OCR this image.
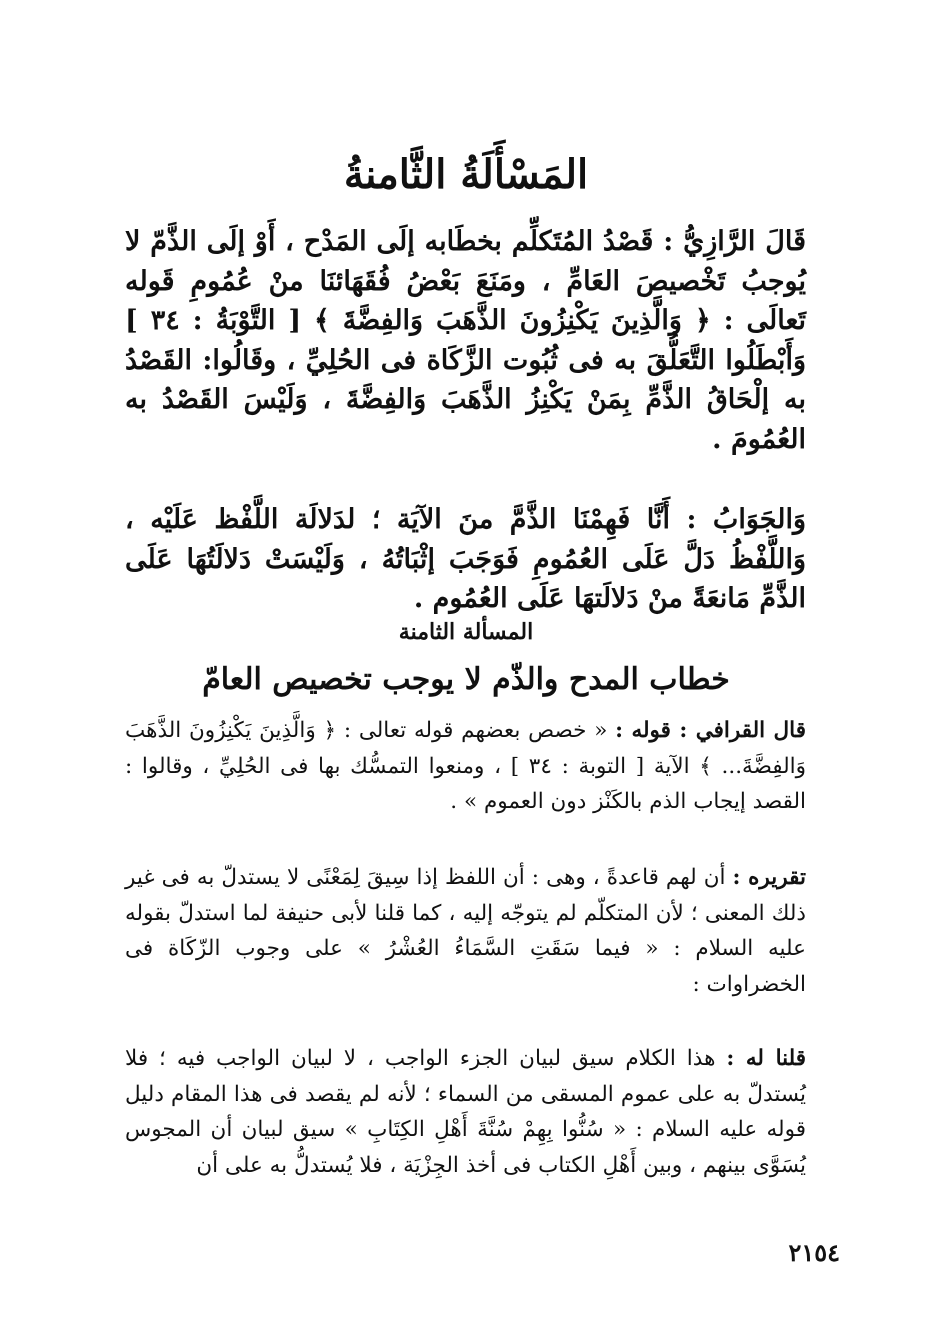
المَسْأَلَةُ الثَّامنةُ

قَالَ الرَّازِيُّ : قَصْدُ المُتَكلِّم بخطَابه إلَى المَدْح ، أَوْ إلَى الذَّمّ لا يُوجبُ تَخْصيصَ العَامِّ ، ومَنَعَ بَعْضُ فُقَهَائنَا منْ عُمُومِ قَوله تَعالَى : ﴿ وَالَّذِينَ يَكْنِزُونَ الذَّهَبَ وَالفِضَّةَ ﴾ [ التَّوْبَةُ : ٣٤ ] وَأَبْطَلُوا التَّعَلُّقَ به فى ثُبُوت الزَّكَاة فى الحُلِيِّ ، وقَالُوا: القَصْدُ به إلْحَاقُ الذَّمِّ بِمَنْ يَكْنِزُ الذَّهَبَ وَالفِضَّةَ ، وَلَيْسَ القَصْدُ به العُمُومَ .

وَالجَوَابُ : أَنَّا فَهِمْنَا الذَّمَّ منَ الآيَة ؛ لدَلالَة اللَّفْظ عَلَيْه ، وَاللَّفْظُ دَلَّ عَلَى العُمُومِ فَوَجَبَ إثْبَاتُهُ ، وَلَيْسَتْ دَلالَتُهَا عَلَى الذَّمِّ مَانعَةً منْ دَلالَتهَا عَلَى العُمُوم .

المسألة الثامنة
خطاب المدح والذّم لا يوجب تخصيص العامّ

قال القرافي : قوله : « خصص بعضهم قوله تعالى : ﴿ وَالَّذِينَ يَكْنِزُونَ الذَّهَبَ وَالفِضَّةَ... ﴾ الآية [ التوبة : ٣٤ ] ، ومنعوا التمسُّك بها فى الحُلِيِّ ، وقالوا : القصد إيجاب الذم بالكَنْز دون العموم » .

تقريره : أن لهم قاعدةً ، وهى : أن اللفظ إذا سِيقَ لِمَعْنًى لا يستدلّ به فى غير ذلك المعنى ؛ لأن المتكلّم لم يتوجّه إليه ، كما قلنا لأبى حنيفة لما استدلّ بقوله عليه السلام : « فيما سَقَتِ السَّمَاءُ العُشْرُ » على وجوب الزّكَاة فى الخضراوات :

قلنا له : هذا الكلام سيق لبيان الجزء الواجب ، لا لبيان الواجب فيه ؛ فلا يُستدلّ به على عموم المسقى من السماء ؛ لأنه لم يقصد فى هذا المقام دليل قوله عليه السلام : « سُنُّوا بِهِمْ سُنَّةَ أَهْلِ الكِتَابِ » سيق لبيان أن المجوس يُسَوَّى بينهم ، وبين أَهْلِ الكتاب فى أخذ الجِزْيَة ، فلا يُستدلُّ به على أن

٢١٥٤
